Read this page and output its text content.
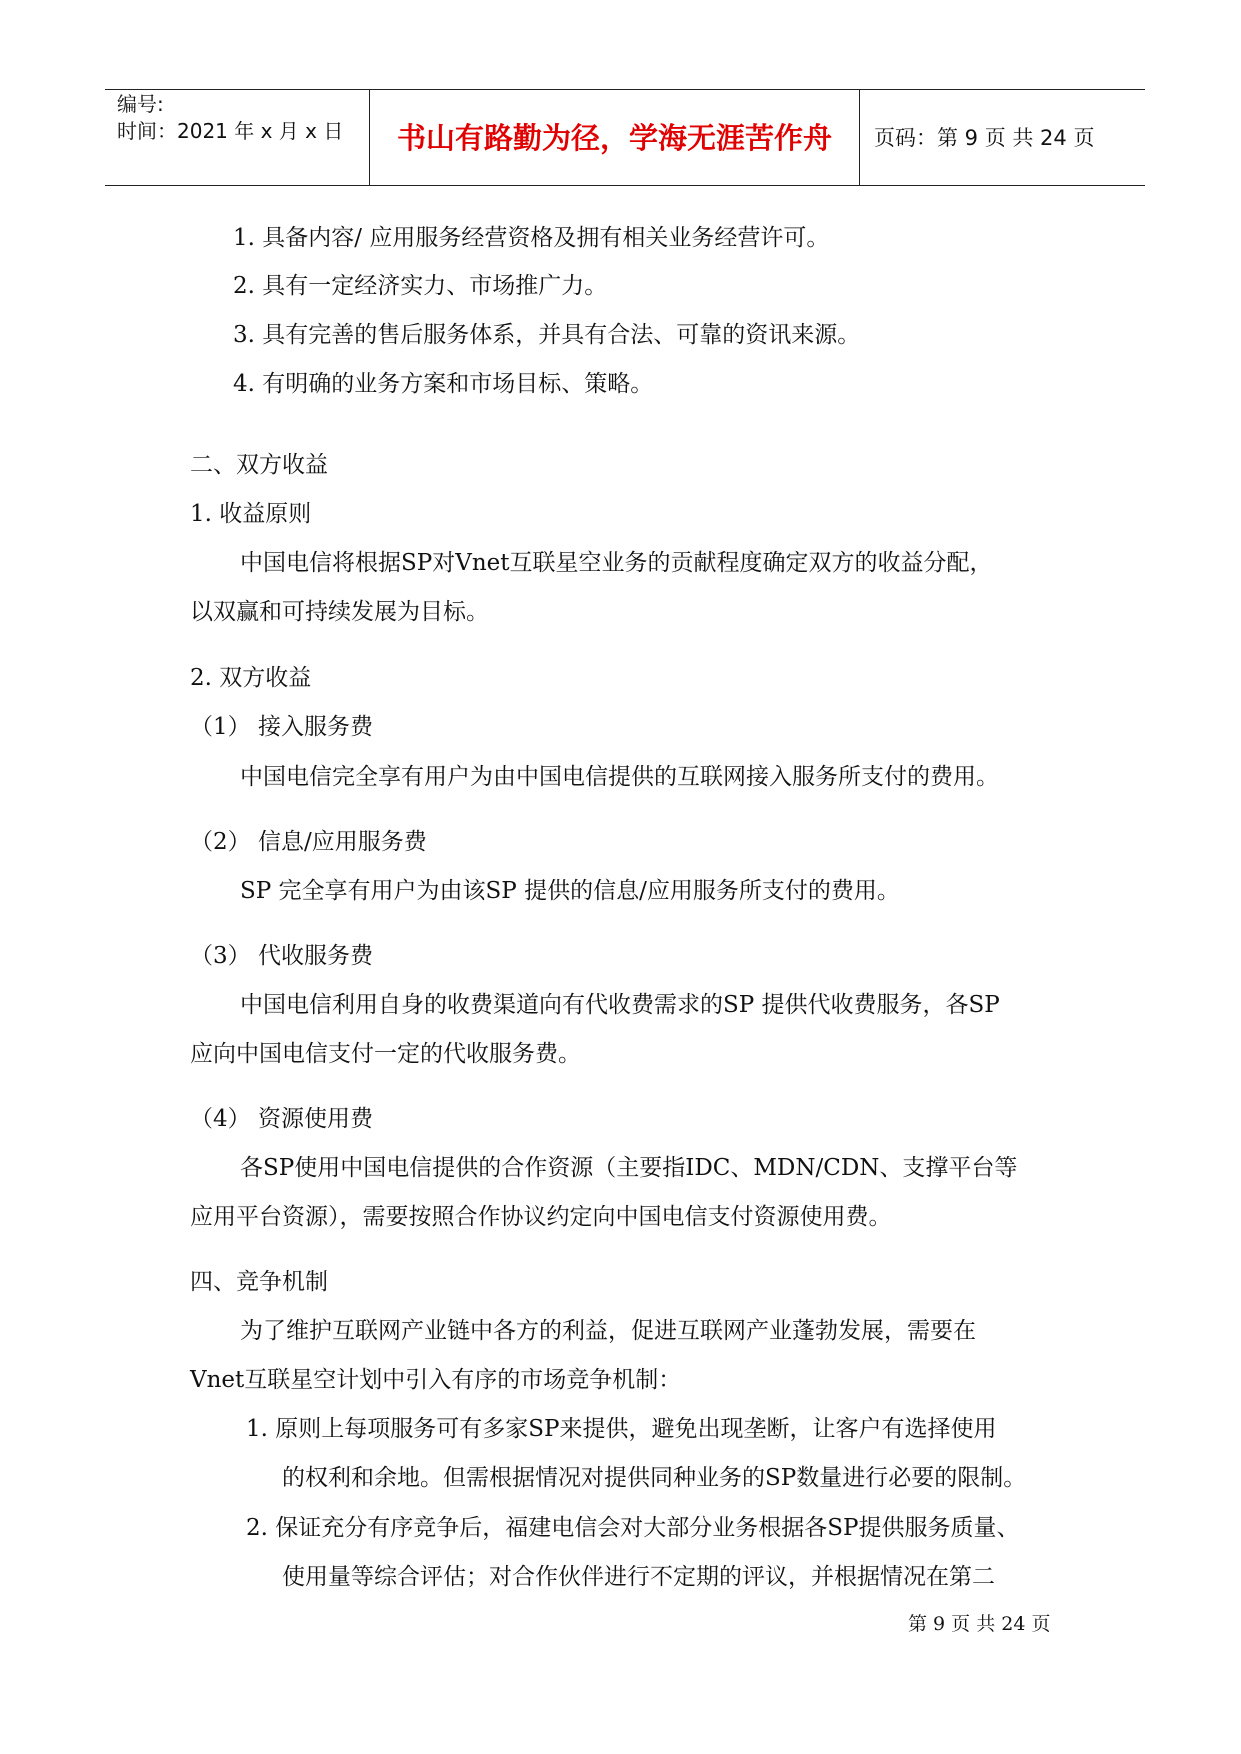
编号:
时间：2021 年 x 月 x 日	书山有路勤为径，学海无涯苦作舟	页码：第 9 页 共 24 页
1. 具备内容/ 应用服务经营资格及拥有相关业务经营许可。
2. 具有一定经济实力、市场推广力。
3. 具有完善的售后服务体系，并具有合法、可靠的资讯来源。
4. 有明确的业务方案和市场目标、策略。
二、双方收益
1. 收益原则
中国电信将根据SP对Vnet互联星空业务的贡献程度确定双方的收益分配，
以双赢和可持续发展为目标。
2. 双方收益
（1） 接入服务费
中国电信完全享有用户为由中国电信提供的互联网接入服务所支付的费用。
（2） 信息/应用服务费
SP 完全享有用户为由该SP 提供的信息/应用服务所支付的费用。
（3） 代收服务费
中国电信利用自身的收费渠道向有代收费需求的SP 提供代收费服务，各SP
应向中国电信支付一定的代收服务费。
（4） 资源使用费
各SP使用中国电信提供的合作资源（主要指IDC、MDN/CDN、支撑平台等
应用平台资源），需要按照合作协议约定向中国电信支付资源使用费。
四、竞争机制
为了维护互联网产业链中各方的利益，促进互联网产业蓬勃发展，需要在
Vnet互联星空计划中引入有序的市场竞争机制：
1. 原则上每项服务可有多家SP来提供，避免出现垄断，让客户有选择使用
的权利和余地。但需根据情况对提供同种业务的SP数量进行必要的限制。
2. 保证充分有序竞争后，福建电信会对大部分业务根据各SP提供服务质量、
使用量等综合评估；对合作伙伴进行不定期的评议，并根据情况在第二
第 9 页 共 24 页
